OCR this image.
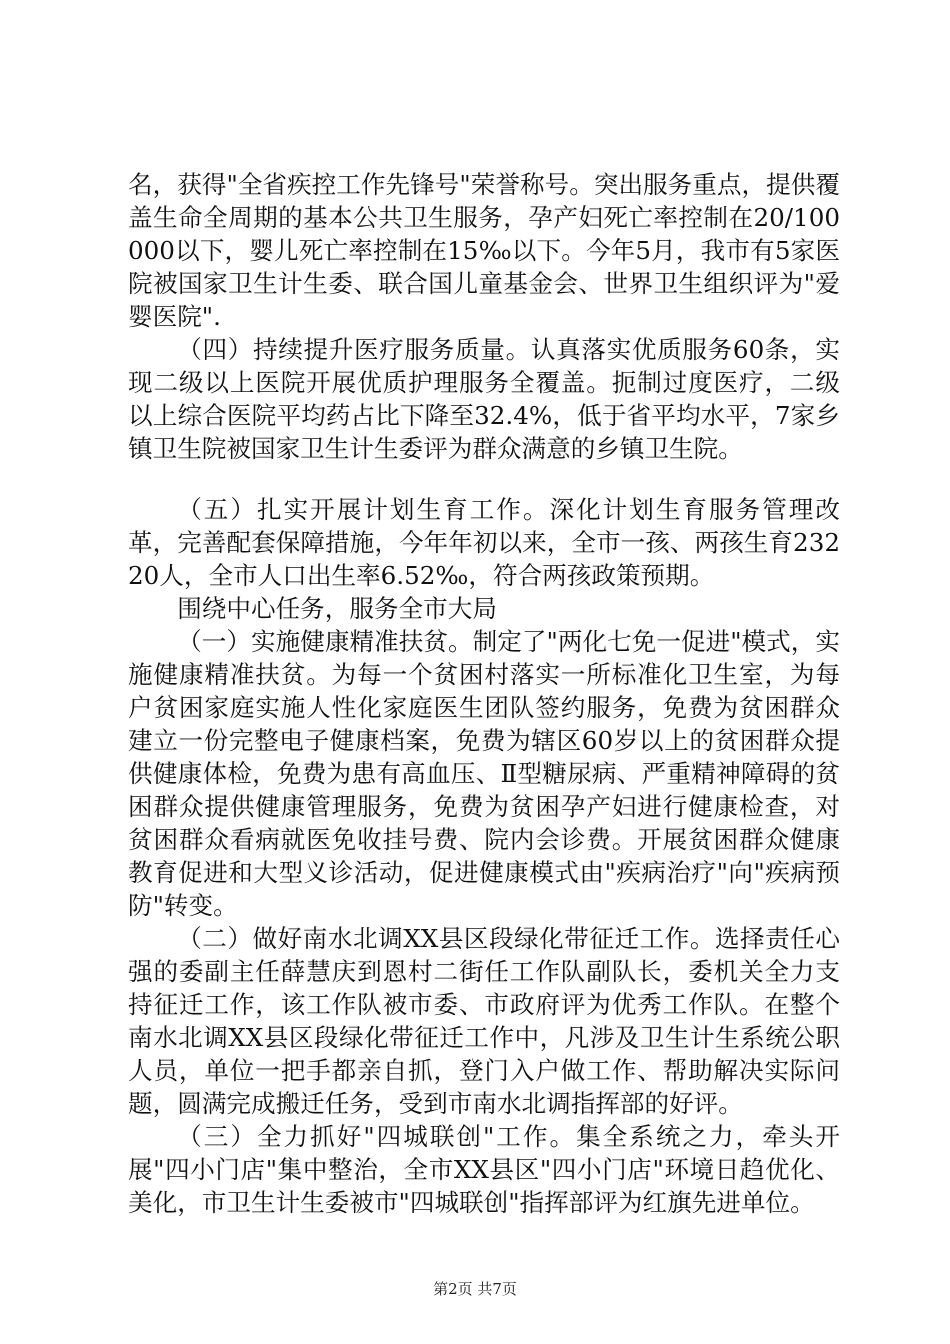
名，获得"全省疾控工作先锋号"荣誉称号。突出服务重点，提供覆盖生命全周期的基本公共卫生服务，孕产妇死亡率控制在20/100000以下，婴儿死亡率控制在15‰以下。今年5月，我市有5家医院被国家卫生计生委、联合国儿童基金会、世界卫生组织评为"爱婴医院".

（四）持续提升医疗服务质量。认真落实优质服务60条，实现二级以上医院开展优质护理服务全覆盖。扼制过度医疗，二级以上综合医院平均药占比下降至32.4%，低于省平均水平，7家乡镇卫生院被国家卫生计生委评为群众满意的乡镇卫生院。

（五）扎实开展计划生育工作。深化计划生育服务管理改革，完善配套保障措施，今年年初以来，全市一孩、两孩生育23220人，全市人口出生率6.52‰，符合两孩政策预期。

围绕中心任务，服务全市大局

（一）实施健康精准扶贫。制定了"两化七免一促进"模式，实施健康精准扶贫。为每一个贫困村落实一所标准化卫生室，为每户贫困家庭实施人性化家庭医生团队签约服务，免费为贫困群众建立一份完整电子健康档案，免费为辖区60岁以上的贫困群众提供健康体检，免费为患有高血压、Ⅱ型糖尿病、严重精神障碍的贫困群众提供健康管理服务，免费为贫困孕产妇进行健康检查，对贫困群众看病就医免收挂号费、院内会诊费。开展贫困群众健康教育促进和大型义诊活动，促进健康模式由"疾病治疗"向"疾病预防"转变。

（二）做好南水北调XX县区段绿化带征迁工作。选择责任心强的委副主任薛慧庆到恩村二街任工作队副队长，委机关全力支持征迁工作，该工作队被市委、市政府评为优秀工作队。在整个南水北调XX县区段绿化带征迁工作中，凡涉及卫生计生系统公职人员，单位一把手都亲自抓，登门入户做工作、帮助解决实际问题，圆满完成搬迁任务，受到市南水北调指挥部的好评。

（三）全力抓好"四城联创"工作。集全系统之力，牵头开展"四小门店"集中整治，全市XX县区"四小门店"环境日趋优化、美化，市卫生计生委被市"四城联创"指挥部评为红旗先进单位。

第2页 共7页
